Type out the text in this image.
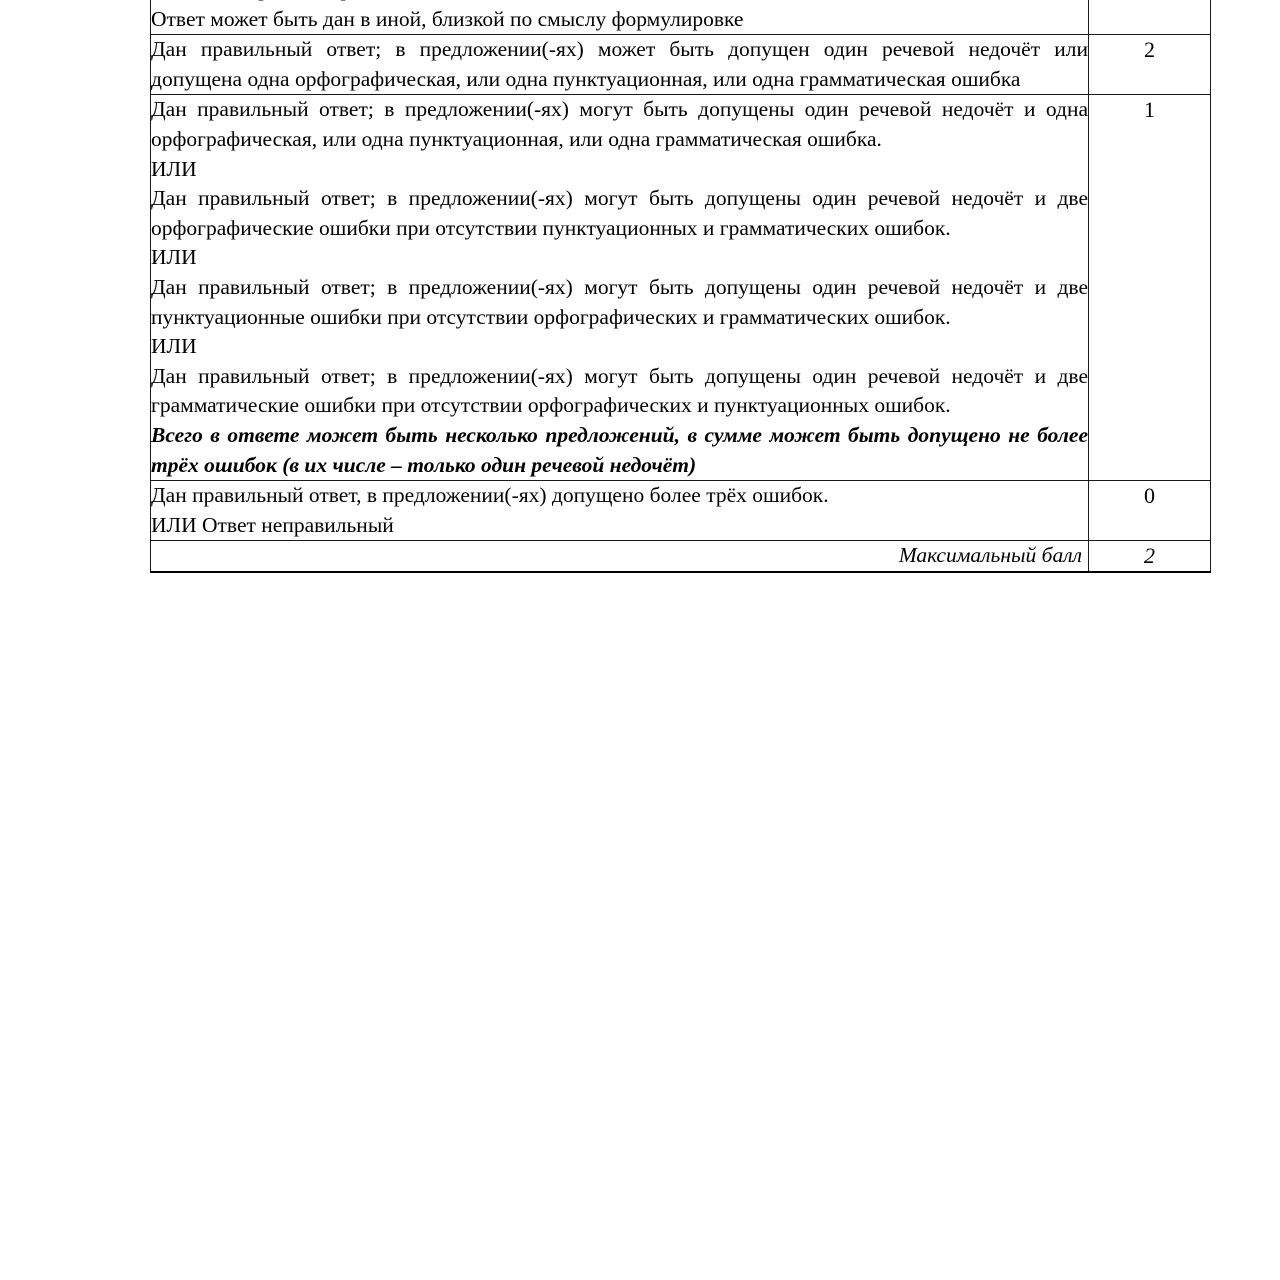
Ответ может быть дан в иной, близкой по смыслу формулировке	

Дан правильный ответ; в предложении(-ях) может быть допущен один речевой недочёт или допущена одна орфографическая, или одна пунктуационная, или одна грамматическая ошибка	2

Дан правильный ответ; в предложении(-ях) могут быть допущены один речевой недочёт и одна орфографическая, или одна пунктуационная, или одна грамматическая ошибка.

ИЛИ

Дан правильный ответ; в предложении(-ях) могут быть допущены один речевой недочёт и две орфографические ошибки при отсутствии пунктуационных и грамматических ошибок.

ИЛИ

Дан правильный ответ; в предложении(-ях) могут быть допущены один речевой недочёт и две пунктуационные ошибки при отсутствии орфографических и грамматических ошибок.

ИЛИ

Дан правильный ответ; в предложении(-ях) могут быть допущены один речевой недочёт и две грамматические ошибки при отсутствии орфографических и пунктуационных ошибок.

Всего в ответе может быть несколько предложений, в сумме может быть допущено не более трёх ошибок (в их числе – только один речевой недочёт)

	1

Дан правильный ответ, в предложении(-ях) допущено более трёх ошибок.

ИЛИ Ответ неправильный	0

Максимальный балл	2
